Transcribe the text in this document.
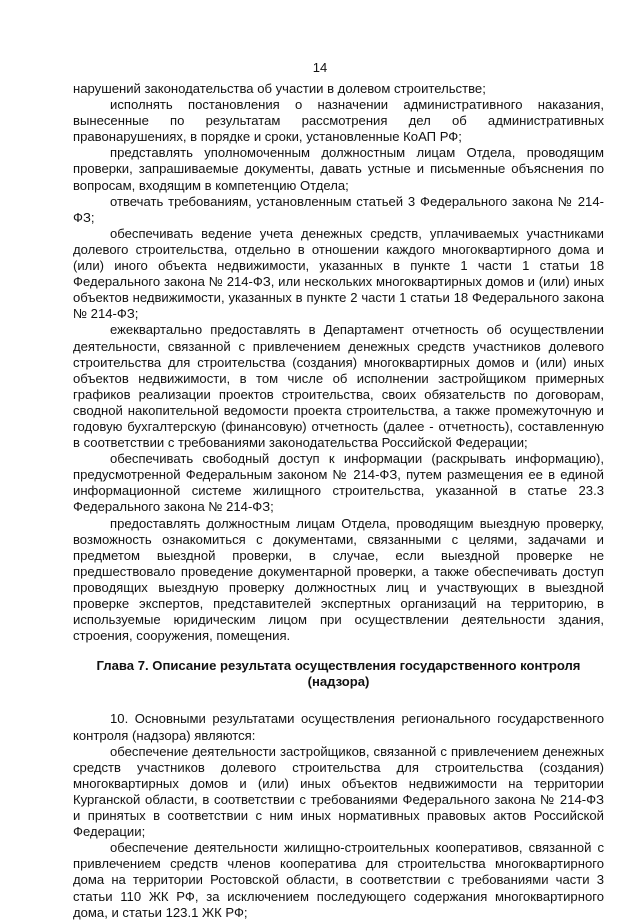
14

нарушений законодательства об участии в долевом строительстве;

исполнять постановления о назначении административного наказания, вынесенные по результатам рассмотрения дел об административных правонарушениях, в порядке и сроки, установленные КоАП РФ;

представлять уполномоченным должностным лицам Отдела, проводящим проверки, запрашиваемые документы, давать устные и письменные объяснения по вопросам, входящим в компетенцию Отдела;

отвечать требованиям, установленным статьей 3 Федерального закона № 214-ФЗ;

обеспечивать ведение учета денежных средств, уплачиваемых участниками долевого строительства, отдельно в отношении каждого многоквартирного дома и (или) иного объекта недвижимости, указанных в пункте 1 части 1 статьи 18 Федерального закона № 214-ФЗ, или нескольких многоквартирных домов и (или) иных объектов недвижимости, указанных в пункте 2 части 1 статьи 18 Федерального закона № 214-ФЗ;

ежеквартально предоставлять в Департамент отчетность об осуществлении деятельности, связанной с привлечением денежных средств участников долевого строительства для строительства (создания) многоквартирных домов и (или) иных объектов недвижимости, в том числе об исполнении застройщиком примерных графиков реализации проектов строительства, своих обязательств по договорам, сводной накопительной ведомости проекта строительства, а также промежуточную и годовую бухгалтерскую (финансовую) отчетность (далее - отчетность), составленную в соответствии с требованиями законодательства Российской Федерации;

обеспечивать свободный доступ к информации (раскрывать информацию), предусмотренной Федеральным законом № 214-ФЗ, путем размещения ее в единой информационной системе жилищного строительства, указанной в статье 23.3 Федерального закона № 214-ФЗ;

предоставлять должностным лицам Отдела, проводящим выездную проверку, возможность ознакомиться с документами, связанными с целями, задачами и предметом выездной проверки, в случае, если выездной проверке не предшествовало проведение документарной проверки, а также обеспечивать доступ проводящих выездную проверку должностных лиц и участвующих в выездной проверке экспертов, представителей экспертных организаций на территорию, в используемые юридическим лицом при осуществлении деятельности здания, строения, сооружения, помещения.

Глава 7. Описание результата осуществления государственного контроля
(надзора)

10. Основными результатами осуществления регионального государственного контроля (надзора) являются:

обеспечение деятельности застройщиков, связанной с привлечением денежных средств участников долевого строительства для строительства (создания) многоквартирных домов и (или) иных объектов недвижимости на территории Курганской области, в соответствии с требованиями Федерального закона № 214-ФЗ и принятых в соответствии с ним иных нормативных правовых актов Российской Федерации;

обеспечение деятельности жилищно-строительных кооперативов, связанной с привлечением средств членов кооператива для строительства многоквартирного дома на территории Ростовской области, в соответствии с требованиями части 3 статьи 110 ЖК РФ, за исключением последующего содержания многоквартирного дома, и статьи 123.1 ЖК РФ;
